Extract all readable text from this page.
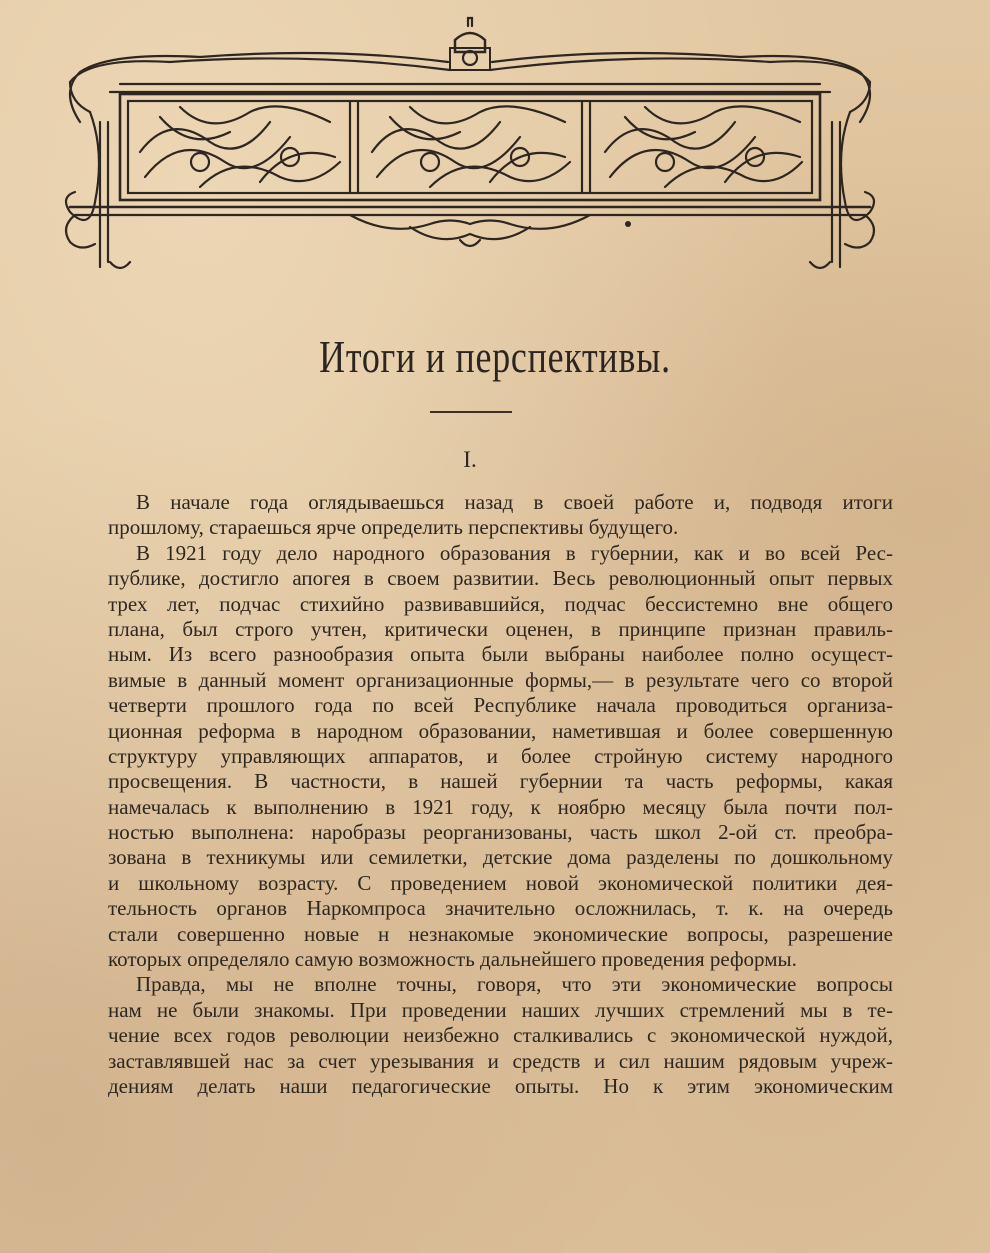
Итоги и перспективы.
I.
В начале года оглядываешься назад в своей работе и, подводя итоги
прошлому, стараешься ярче определить перспективы будущего.
В 1921 году дело народного образования в губернии, как и во всей Рес-
публике, достигло апогея в своем развитии. Весь революционный опыт первых
трех лет, подчас стихийно развивавшийся, подчас бессистемно вне общего
плана, был строго учтен, критически оценен, в принципе признан правиль-
ным. Из всего разнообразия опыта были выбраны наиболее полно осущест-
вимые в данный момент организационные формы,— в результате чего со второй
четверти прошлого года по всей Республике начала проводиться организа-
ционная реформа в народном образовании, наметившая и более совершенную
структуру управляющих аппаратов, и более стройную систему народного
просвещения. В частности, в нашей губернии та часть реформы, какая
намечалась к выполнению в 1921 году, к ноябрю месяцу была почти пол-
ностью выполнена: наробразы реорганизованы, часть школ 2-ой ст. преобра-
зована в техникумы или семилетки, детские дома разделены по дошкольному
и школьному возрасту. С проведением новой экономической политики дея-
тельность органов Наркомпроса значительно осложнилась, т. к. на очередь
стали совершенно новые н незнакомые экономические вопросы, разрешение
которых определяло самую возможность дальнейшего проведения реформы.
Правда, мы не вполне точны, говоря, что эти экономические вопросы
нам не были знакомы. При проведении наших лучших стремлений мы в те-
чение всех годов революции неизбежно сталкивались с экономической нуждой,
заставлявшей нас за счет урезывания и средств и сил нашим рядовым учреж-
дениям делать наши педагогические опыты. Но к этим экономическим
